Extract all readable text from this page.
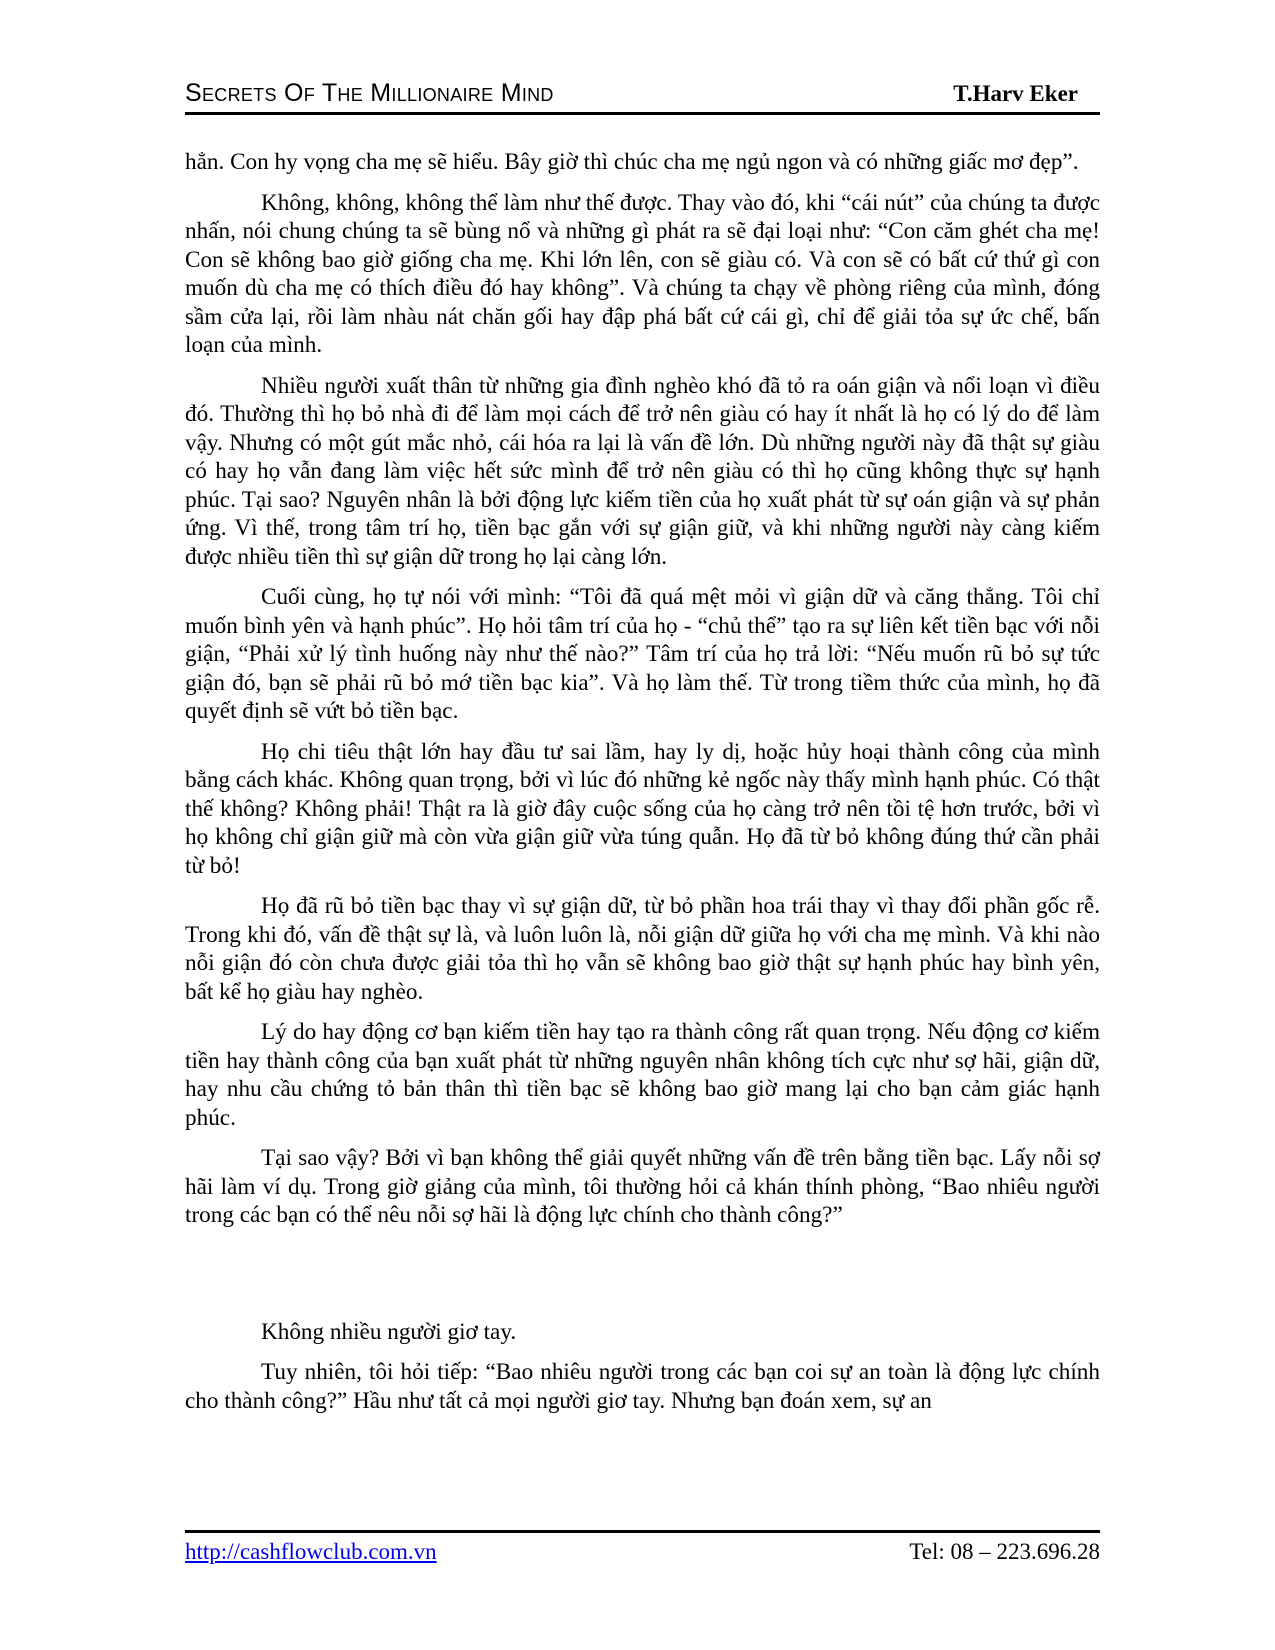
Secrets Of The Millionaire Mind	T.Harv Eker

hẳn. Con hy vọng cha mẹ sẽ hiểu. Bây giờ thì chúc cha mẹ ngủ ngon và có những giấc mơ đẹp”.

Không, không, không thể làm như thế được. Thay vào đó, khi “cái nút” của chúng ta được nhấn, nói chung chúng ta sẽ bùng nổ và những gì phát ra sẽ đại loại như: “Con căm ghét cha mẹ! Con sẽ không bao giờ giống cha mẹ. Khi lớn lên, con sẽ giàu có. Và con sẽ có bất cứ thứ gì con muốn dù cha mẹ có thích điều đó hay không”. Và chúng ta chạy về phòng riêng của mình, đóng sầm cửa lại, rồi làm nhàu nát chăn gối hay đập phá bất cứ cái gì, chỉ để giải tỏa sự ức chế, bấn loạn của mình.

Nhiều người xuất thân từ những gia đình nghèo khó đã tỏ ra oán giận và nổi loạn vì điều đó. Thường thì họ bỏ nhà đi để làm mọi cách để trở nên giàu có hay ít nhất là họ có lý do để làm vậy. Nhưng có một gút mắc nhỏ, cái hóa ra lại là vấn đề lớn. Dù những người này đã thật sự giàu có hay họ vẫn đang làm việc hết sức mình để trở nên giàu có thì họ cũng không thực sự hạnh phúc. Tại sao? Nguyên nhân là bởi động lực kiếm tiền của họ xuất phát từ sự oán giận và sự phản ứng. Vì thế, trong tâm trí họ, tiền bạc gắn với sự giận giữ, và khi những người này càng kiếm được nhiều tiền thì sự giận dữ trong họ lại càng lớn.

Cuối cùng, họ tự nói với mình: “Tôi đã quá mệt mỏi vì giận dữ và căng thẳng. Tôi chỉ muốn bình yên và hạnh phúc”. Họ hỏi tâm trí của họ - “chủ thể” tạo ra sự liên kết tiền bạc với nỗi giận, “Phải xử lý tình huống này như thế nào?” Tâm trí của họ trả lời: “Nếu muốn rũ bỏ sự tức giận đó, bạn sẽ phải rũ bỏ mớ tiền bạc kia”. Và họ làm thế. Từ trong tiềm thức của mình, họ đã quyết định sẽ vứt bỏ tiền bạc.

Họ chi tiêu thật lớn hay đầu tư sai lầm, hay ly dị, hoặc hủy hoại thành công của mình bằng cách khác. Không quan trọng, bởi vì lúc đó những kẻ ngốc này thấy mình hạnh phúc. Có thật thế không? Không phải! Thật ra là giờ đây cuộc sống của họ càng trở nên tồi tệ hơn trước, bởi vì họ không chỉ giận giữ mà còn vừa giận giữ vừa túng quẫn. Họ đã từ bỏ không đúng thứ cần phải từ bỏ!

Họ đã rũ bỏ tiền bạc thay vì sự giận dữ, từ bỏ phần hoa trái thay vì thay đổi phần gốc rễ. Trong khi đó, vấn đề thật sự là, và luôn luôn là, nỗi giận dữ giữa họ với cha mẹ mình. Và khi nào nỗi giận đó còn chưa được giải tỏa thì họ vẫn sẽ không bao giờ thật sự hạnh phúc hay bình yên, bất kể họ giàu hay nghèo.

Lý do hay động cơ bạn kiếm tiền hay tạo ra thành công rất quan trọng. Nếu động cơ kiếm tiền hay thành công của bạn xuất phát từ những nguyên nhân không tích cực như sợ hãi, giận dữ, hay nhu cầu chứng tỏ bản thân thì tiền bạc sẽ không bao giờ mang lại cho bạn cảm giác hạnh phúc.

Tại sao vậy? Bởi vì bạn không thể giải quyết những vấn đề trên bằng tiền bạc. Lấy nỗi sợ hãi làm ví dụ. Trong giờ giảng của mình, tôi thường hỏi cả khán thính phòng, “Bao nhiêu người trong các bạn có thể nêu nỗi sợ hãi là động lực chính cho thành công?”

Không nhiều người giơ tay.

Tuy nhiên, tôi hỏi tiếp: “Bao nhiêu người trong các bạn coi sự an toàn là động lực chính cho thành công?” Hầu như tất cả mọi người giơ tay. Nhưng bạn đoán xem, sự an

http://cashflowclub.com.vn	Tel: 08 – 223.696.28
